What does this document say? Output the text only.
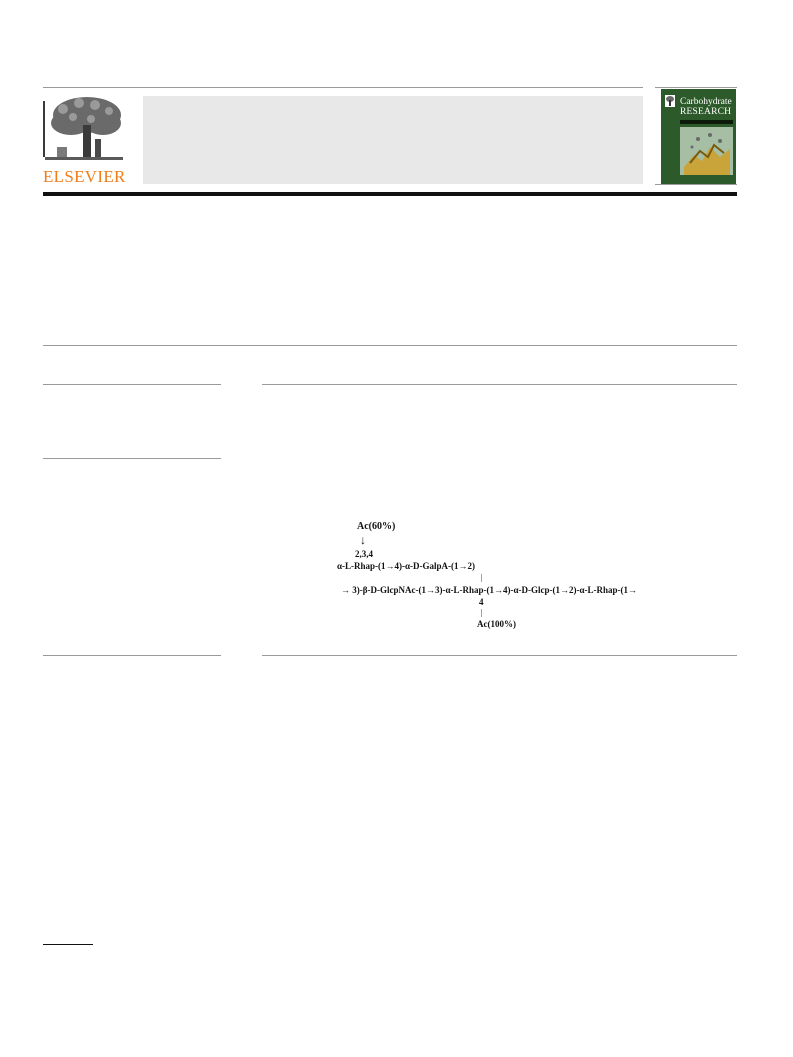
ELSEVIER
Carbohydrate
RESEARCH
Ac(60%)
↓
2,3,4
α-L-Rhap-(1→4)-α-D-GalpA-(1→2)
|
→ 3)-β-D-GlcpNAc-(1→3)-α-L-Rhap-(1→4)-α-D-Glcp-(1→2)-α-L-Rhap-(1→
4
|
Ac(100%)
